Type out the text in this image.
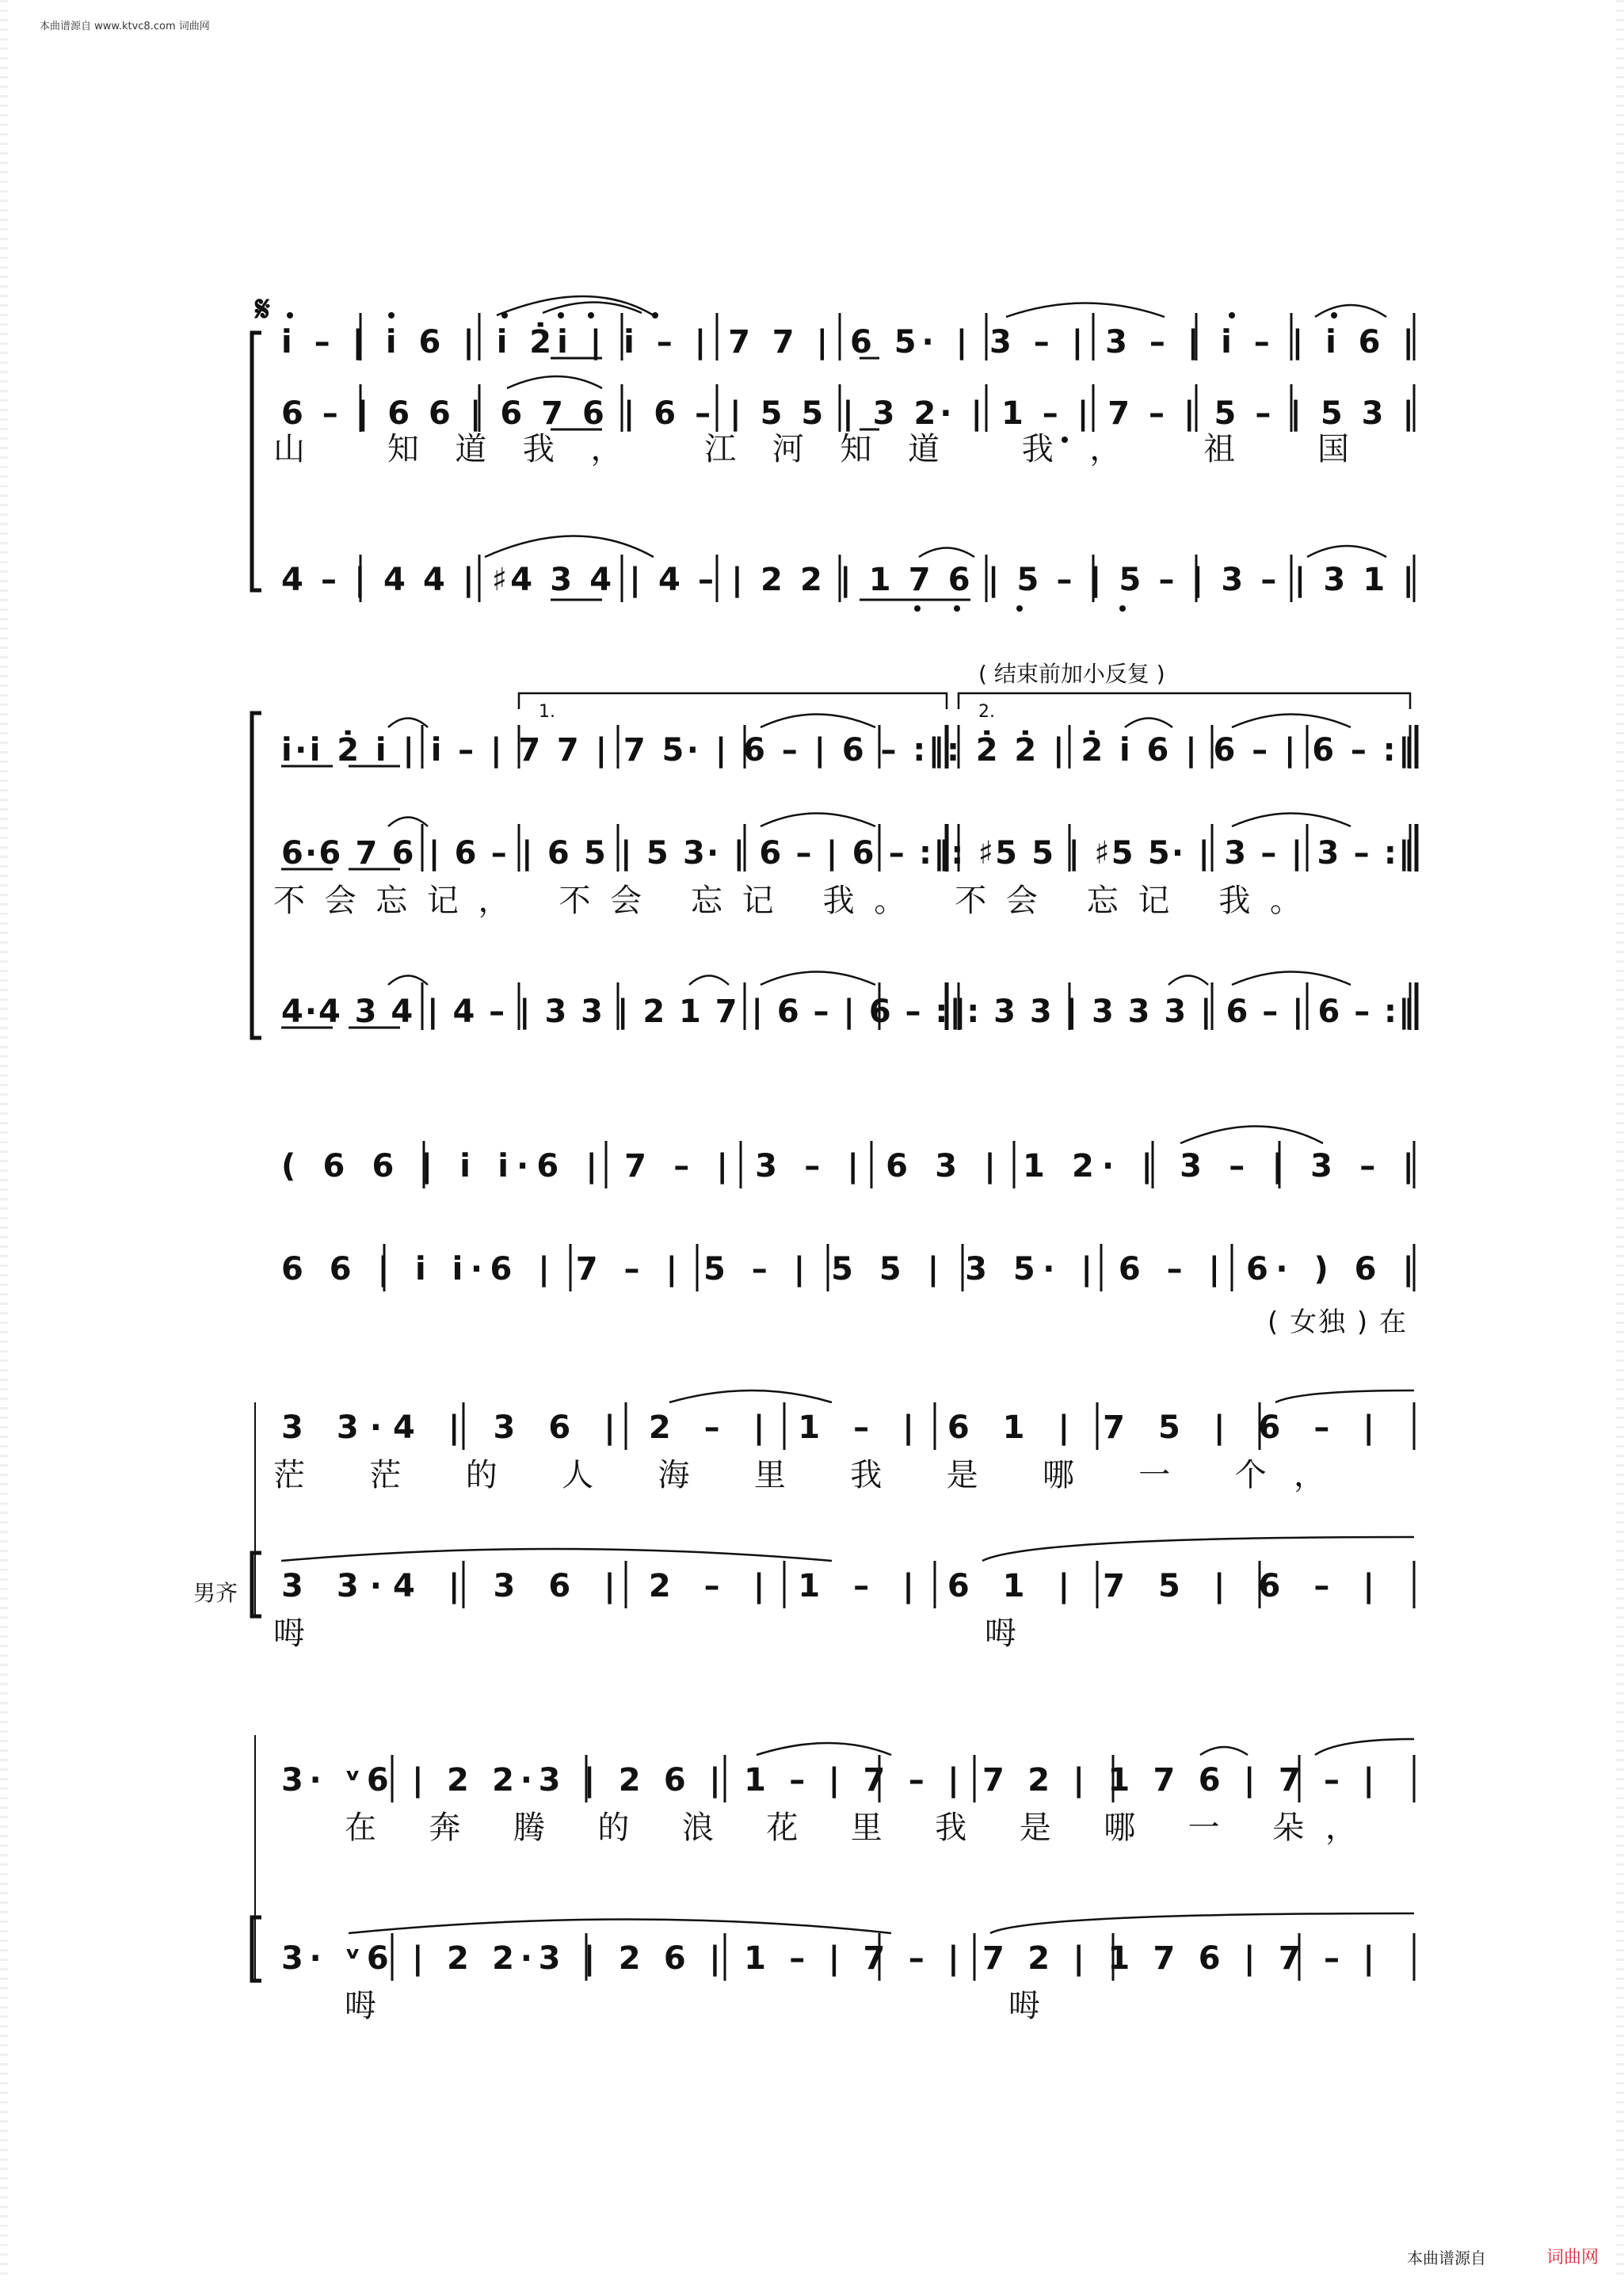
本曲谱源自 www.ktvc8.com 词曲网
本曲谱源自	词曲网
𝄋
男齐
i̇ – | i̇ 6 | i̇ 2̇i̇ | i̇ – | 7 7 | 6 5· | 3 – | 3 – | i̇ – | i̇ 6 |
6 – | 6 6 | 6 7 6 | 6 – | 5 5 | 3 2· | 1 – | 7 – | 5 – | 5 3 |
山 知道我， 江河知道 我， 祖 国
4 – | 4 4 | ♯4 3 4 | 4 – | 2 2 | 1 7 6 | 5 – | 5 – | 3 – | 3 1 |
( 结束前加小反复 )
1.	2.
i̇·i̇ 2̇ i̇ | i̇ – | 7 7 | 7 5· | 6 – | 6 – :‖: 2̇ 2̇ | 2̇ i̇ 6 | 6 – | 6 – :‖
6·6 7 6 | 6 – | 6 5 | 5 3· | 6 – | 6 – :‖: ♯5 5 | ♯5 5· | 3 – | 3 – :‖
不会忘记， 不会 忘记 我。 不会 忘记 我。
4·4 3 4 | 4 – | 3 3 | 2 1 7 | 6 – | 6 – :‖: 3 3 | 3 3 3 | 6 – | 6 – :‖
( 6 6 | i̇ i̇·6 | 7 – | 3 – | 6 3 | 1 2· | 3 – | 3 – |
6 6 | i̇ i̇·6 | 7 – | 5 – | 5 5 | 3 5· | 6 – | 6· ) 6 |
( 女独 ) 在
3 3·4 | 3 6 | 2 – | 1 – | 6 1 | 7 5 | 6 – |
茫 茫 的 人 海 里 我 是 哪 一 个，
3 3·4 | 3 6 | 2 – | 1 – | 6 1 | 7 5 | 6 – |
呣 呣
3· ᵛ6 | 2 2·3 | 2 6 | 1 – | 7 – | 7 2 | 1 7 6 | 7 – |
在 奔 腾 的 浪 花 里 我 是 哪 一 朵，
3· ᵛ6 | 2 2·3 | 2 6 | 1 – | 7 – | 7 2 | 1 7 6 | 7 – |
呣 呣
